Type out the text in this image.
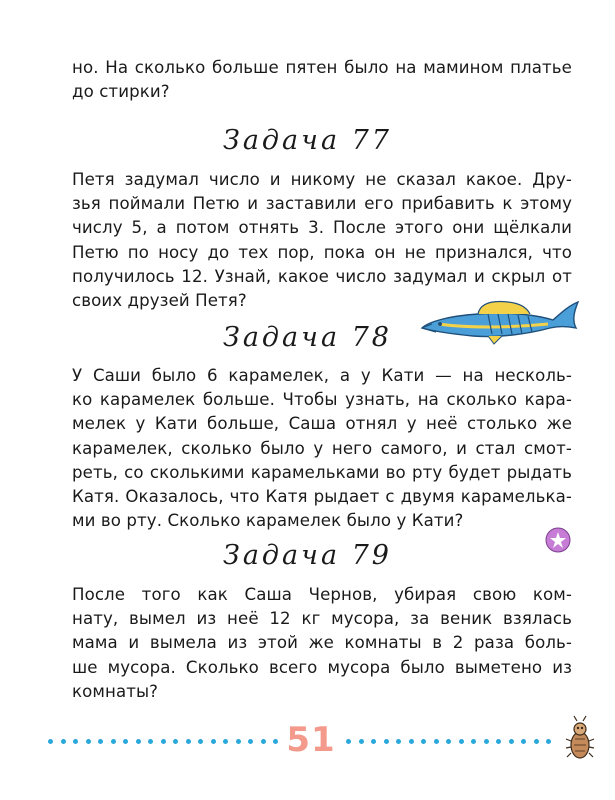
но. На сколько больше пятен было на мамином платье
до стирки?
Задача 77
Петя задумал число и никому не сказал какое. Дру-
зья поймали Петю и заставили его прибавить к этому
числу 5, а потом отнять 3. После этого они щёлкали
Петю по носу до тех пор, пока он не признался, что
получилось 12. Узнай, какое число задумал и скрыл от
своих друзей Петя?
Задача 78
У Саши было 6 карамелек, а у Кати — на несколь-
ко карамелек больше. Чтобы узнать, на сколько кара-
мелек у Кати больше, Саша отнял у неё столько же
карамелек, сколько было у него самого, и стал смот-
реть, со сколькими карамельками во рту будет рыдать
Катя. Оказалось, что Катя рыдает с двумя карамелька-
ми во рту. Сколько карамелек было у Кати?
Задача 79
После того как Саша Чернов, убирая свою ком-
нату, вымел из неё 12 кг мусора, за веник взялась
мама и вымела из этой же комнаты в 2 раза боль-
ше мусора. Сколько всего мусора было выметено из
комнаты?
51
